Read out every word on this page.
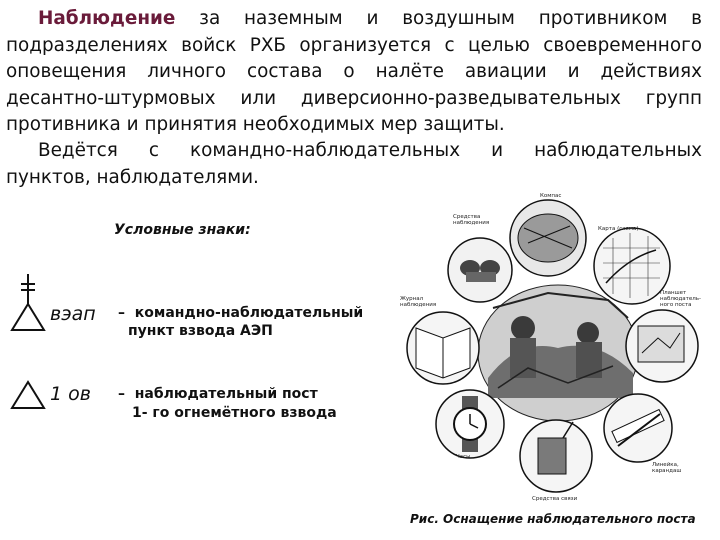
Наблюдение за наземным и воздушным противником в
подразделениях войск РХБ организуется с целью своевременного
оповещения личного состава о налёте авиации и действиях
десантно-штурмовых или диверсионно-разведывательных групп
противника и принятия необходимых мер защиты.
Ведётся с командно-наблюдательных и наблюдательных
пунктов, наблюдателями.
Условные знаки:
вэап – командно-наблюдательный
пункт взвода АЭП
1 ов – наблюдательный пост
1- го огнемётного взвода
Компас
Средства наблюдения
Карта (схема)
Журнал
наблюдения
Планшет
наблюдатель-
ного поста
Часы
Линейка,
карандаш
Средства связи
Рис. Оснащение наблюдательного поста
